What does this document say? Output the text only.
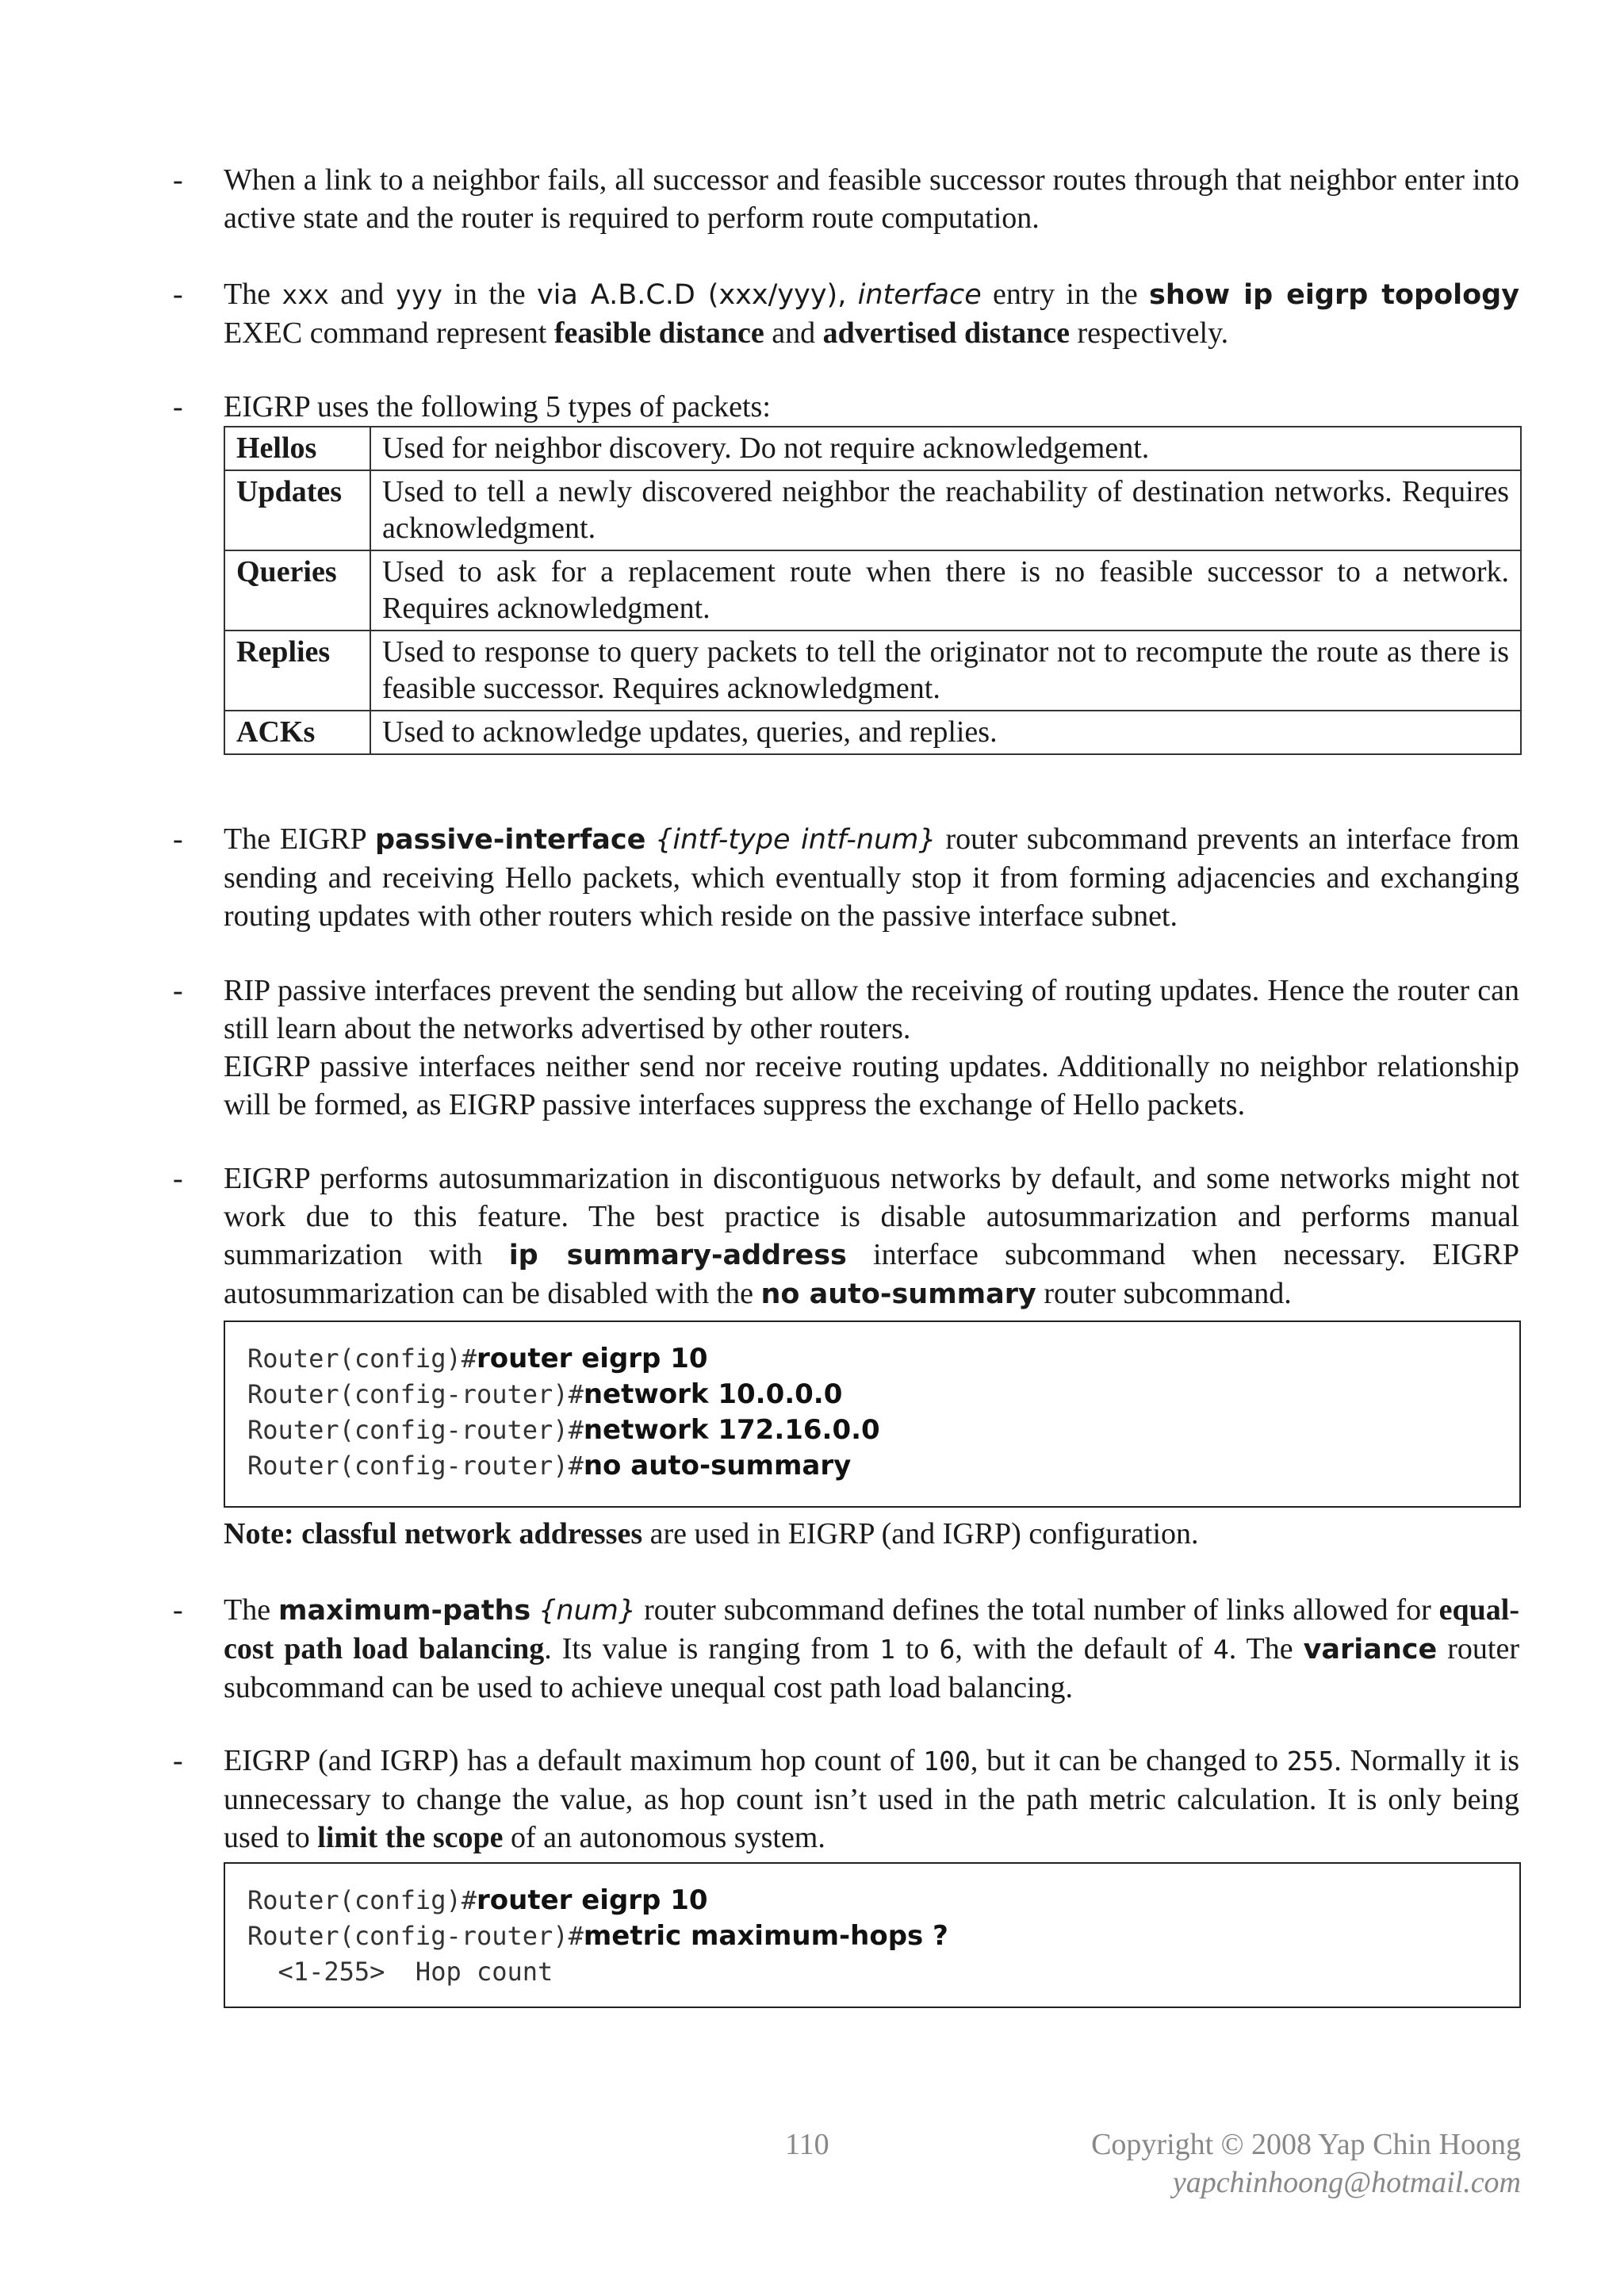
-	When a link to a neighbor fails, all successor and feasible successor routes through that neighbor enter into active state and the router is required to perform route computation.

-	The xxx and yyy in the via A.B.C.D (xxx/yyy), interface entry in the show ip eigrp topology EXEC command represent feasible distance and advertised distance respectively.

-	EIGRP uses the following 5 types of packets:

Hellos	Used for neighbor discovery. Do not require acknowledgement.
Updates	Used to tell a newly discovered neighbor the reachability of destination networks. Requires acknowledgment.
Queries	Used to ask for a replacement route when there is no feasible successor to a network. Requires acknowledgment.
Replies	Used to response to query packets to tell the originator not to recompute the route as there is feasible successor. Requires acknowledgment.
ACKs	Used to acknowledge updates, queries, and replies.
-	The EIGRP passive-interface {intf-type intf-num} router subcommand prevents an interface from sending and receiving Hello packets, which eventually stop it from forming adjacencies and exchanging routing updates with other routers which reside on the passive interface subnet.

-	RIP passive interfaces prevent the sending but allow the receiving of routing updates. Hence the router can still learn about the networks advertised by other routers.

EIGRP passive interfaces neither send nor receive routing updates. Additionally no neighbor relationship will be formed, as EIGRP passive interfaces suppress the exchange of Hello packets.

-	EIGRP performs autosummarization in discontiguous networks by default, and some networks might not work due to this feature. The best practice is disable autosummarization and performs manual summarization with ip summary-address interface subcommand when necessary. EIGRP autosummarization can be disabled with the no auto-summary router subcommand.

Router(config)#router eigrp 10
Router(config-router)#network 10.0.0.0
Router(config-router)#network 172.16.0.0
Router(config-router)#no auto-summary

Note: classful network addresses are used in EIGRP (and IGRP) configuration.

-	The maximum-paths {num} router subcommand defines the total number of links allowed for equal-cost path load balancing. Its value is ranging from 1 to 6, with the default of 4. The variance router subcommand can be used to achieve unequal cost path load balancing.

-	EIGRP (and IGRP) has a default maximum hop count of 100, but it can be changed to 255. Normally it is unnecessary to change the value, as hop count isn’t used in the path metric calculation. It is only being used to limit the scope of an autonomous system.

Router(config)#router eigrp 10
Router(config-router)#metric maximum-hops ?
<1-255>  Hop count
110	Copyright © 2008 Yap Chin Hoong
yapchinhoong@hotmail.com
